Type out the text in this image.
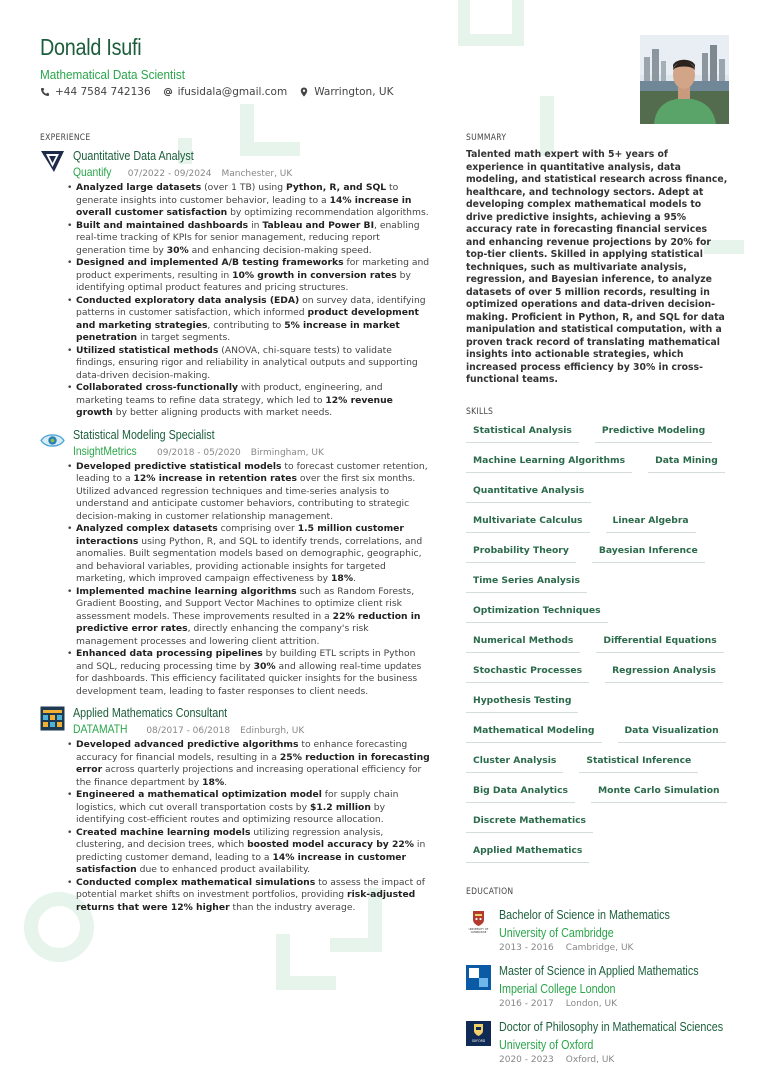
Donald Isufi
Mathematical Data Scientist
+44 7584 742136	ifusidala@gmail.com	Warrington, UK
EXPERIENCE
Quantitative Data Analyst
Quantify 07/2022 - 09/2024 Manchester, UK
• Analyzed large datasets (over 1 TB) using Python, R, and SQL to generate insights into customer behavior, leading to a 14% increase in overall customer satisfaction by optimizing recommendation algorithms.
• Built and maintained dashboards in Tableau and Power BI, enabling real-time tracking of KPIs for senior management, reducing report generation time by 30% and enhancing decision-making speed.
• Designed and implemented A/B testing frameworks for marketing and product experiments, resulting in 10% growth in conversion rates by identifying optimal product features and pricing structures.
• Conducted exploratory data analysis (EDA) on survey data, identifying patterns in customer satisfaction, which informed product development and marketing strategies, contributing to 5% increase in market penetration in target segments.
• Utilized statistical methods (ANOVA, chi-square tests) to validate findings, ensuring rigor and reliability in analytical outputs and supporting data-driven decision-making.
• Collaborated cross-functionally with product, engineering, and marketing teams to refine data strategy, which led to 12% revenue growth by better aligning products with market needs.
Statistical Modeling Specialist
InsightMetrics 09/2018 - 05/2020 Birmingham, UK
• Developed predictive statistical models to forecast customer retention, leading to a 12% increase in retention rates over the first six months. Utilized advanced regression techniques and time-series analysis to understand and anticipate customer behaviors, contributing to strategic decision-making in customer relationship management.
• Analyzed complex datasets comprising over 1.5 million customer interactions using Python, R, and SQL to identify trends, correlations, and anomalies. Built segmentation models based on demographic, geographic, and behavioral variables, providing actionable insights for targeted marketing, which improved campaign effectiveness by 18%.
• Implemented machine learning algorithms such as Random Forests, Gradient Boosting, and Support Vector Machines to optimize client risk assessment models. These improvements resulted in a 22% reduction in predictive error rates, directly enhancing the company's risk management processes and lowering client attrition.
• Enhanced data processing pipelines by building ETL scripts in Python and SQL, reducing processing time by 30% and allowing real-time updates for dashboards. This efficiency facilitated quicker insights for the business development team, leading to faster responses to client needs.
Applied Mathematics Consultant
DATAMATH 08/2017 - 06/2018 Edinburgh, UK
• Developed advanced predictive algorithms to enhance forecasting accuracy for financial models, resulting in a 25% reduction in forecasting error across quarterly projections and increasing operational efficiency for the finance department by 18%.
• Engineered a mathematical optimization model for supply chain logistics, which cut overall transportation costs by $1.2 million by identifying cost-efficient routes and optimizing resource allocation.
• Created machine learning models utilizing regression analysis, clustering, and decision trees, which boosted model accuracy by 22% in predicting customer demand, leading to a 14% increase in customer satisfaction due to enhanced product availability.
• Conducted complex mathematical simulations to assess the impact of potential market shifts on investment portfolios, providing risk-adjusted returns that were 12% higher than the industry average.
SUMMARY
Talented math expert with 5+ years of experience in quantitative analysis, data modeling, and statistical research across finance, healthcare, and technology sectors. Adept at developing complex mathematical models to drive predictive insights, achieving a 95% accuracy rate in forecasting financial services and enhancing revenue projections by 20% for top-tier clients. Skilled in applying statistical techniques, such as multivariate analysis, regression, and Bayesian inference, to analyze datasets of over 5 million records, resulting in optimized operations and data-driven decision-making. Proficient in Python, R, and SQL for data manipulation and statistical computation, with a proven track record of translating mathematical insights into actionable strategies, which increased process efficiency by 30% in cross-functional teams.
SKILLS
Statistical Analysis	Predictive Modeling
Machine Learning Algorithms	Data Mining
Quantitative Analysis
Multivariate Calculus	Linear Algebra
Probability Theory	Bayesian Inference
Time Series Analysis
Optimization Techniques
Numerical Methods	Differential Equations
Stochastic Processes	Regression Analysis
Hypothesis Testing
Mathematical Modeling	Data Visualization
Cluster Analysis	Statistical Inference
Big Data Analytics	Monte Carlo Simulation
Discrete Mathematics
Applied Mathematics
EDUCATION
UNIVERSITY OF
CAMBRIDGE
Bachelor of Science in Mathematics
University of Cambridge
2013 - 2016 Cambridge, UK
Master of Science in Applied Mathematics
Imperial College London
2016 - 2017 London, UK
OXFORD
Doctor of Philosophy in Mathematical Sciences
University of Oxford
2020 - 2023 Oxford, UK
